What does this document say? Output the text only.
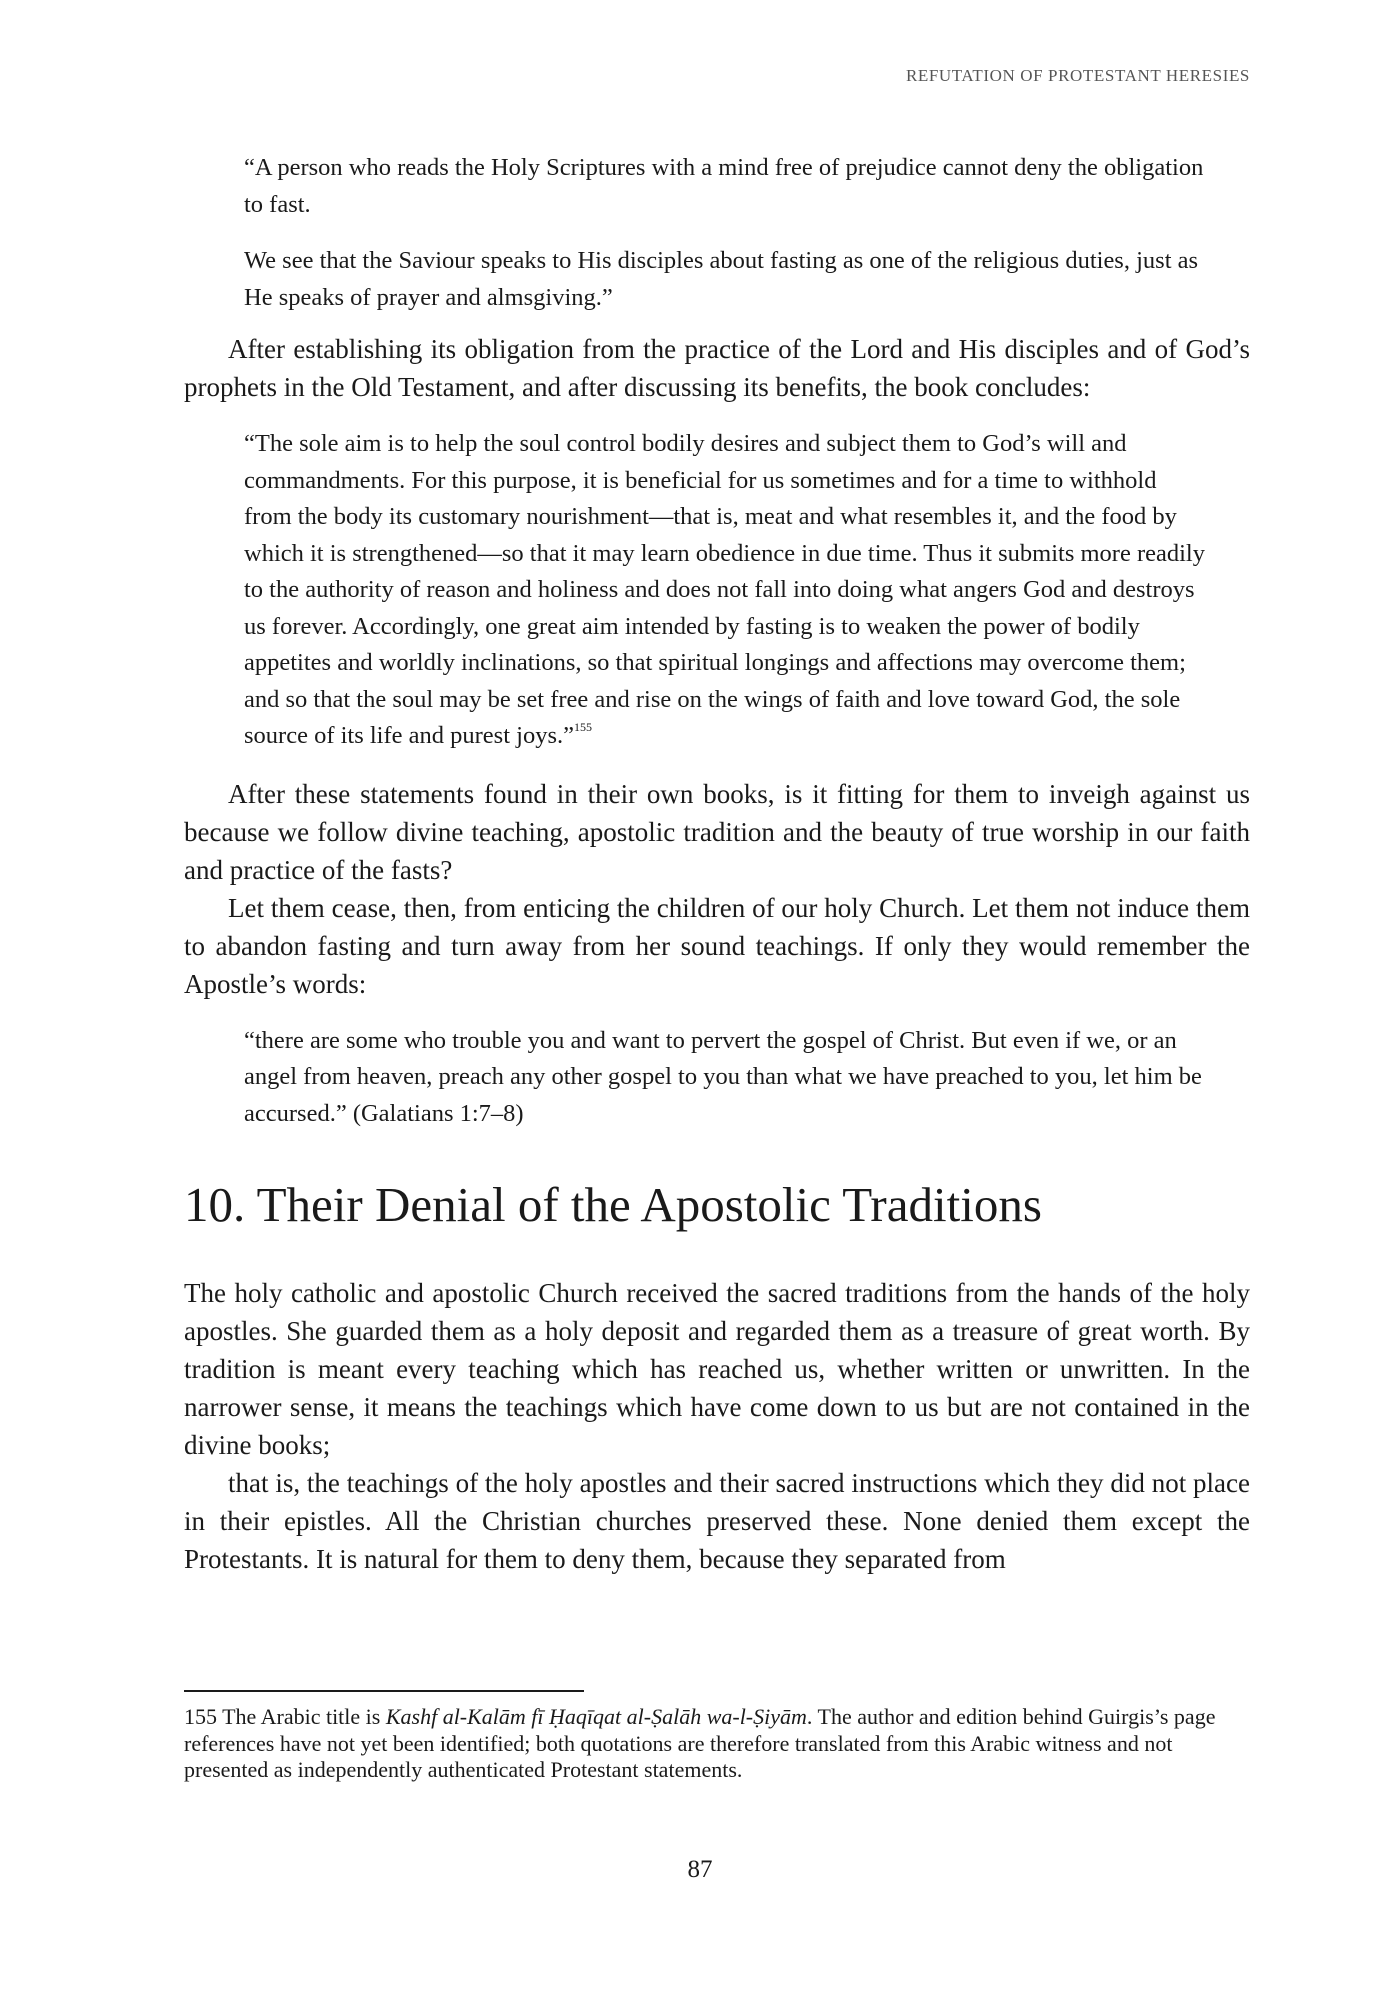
REFUTATION OF PROTESTANT HERESIES

“A person who reads the Holy Scriptures with a mind free of prejudice cannot deny the obligation to fast.

We see that the Saviour speaks to His disciples about fasting as one of the religious duties, just as He speaks of prayer and almsgiving.”

After establishing its obligation from the practice of the Lord and His disciples and of God’s prophets in the Old Testament, and after discussing its benefits, the book concludes:

“The sole aim is to help the soul control bodily desires and subject them to God’s will and commandments. For this purpose, it is beneficial for us sometimes and for a time to withhold from the body its customary nourishment—that is, meat and what resembles it, and the food by which it is strengthened—so that it may learn obedience in due time. Thus it submits more readily to the authority of reason and holiness and does not fall into doing what angers God and destroys us forever. Accordingly, one great aim intended by fasting is to weaken the power of bodily appetites and worldly inclinations, so that spiritual longings and affections may overcome them; and so that the soul may be set free and rise on the wings of faith and love toward God, the sole source of its life and purest joys.”$^{155}$

After these statements found in their own books, is it fitting for them to inveigh against us because we follow divine teaching, apostolic tradition and the beauty of true worship in our faith and practice of the fasts?

Let them cease, then, from enticing the children of our holy Church. Let them not induce them to abandon fasting and turn away from her sound teachings. If only they would remember the Apostle’s words:

“there are some who trouble you and want to pervert the gospel of Christ. But even if we, or an angel from heaven, preach any other gospel to you than what we have preached to you, let him be accursed.” (Galatians 1:7–8)

10. Their Denial of the Apostolic Traditions

The holy catholic and apostolic Church received the sacred traditions from the hands of the holy apostles. She guarded them as a holy deposit and regarded them as a treasure of great worth. By tradition is meant every teaching which has reached us, whether written or unwritten. In the narrower sense, it means the teachings which have come down to us but are not contained in the divine books;

that is, the teachings of the holy apostles and their sacred instructions which they did not place in their epistles. All the Christian churches preserved these. None denied them except the Protestants. It is natural for them to deny them, because they separated from

155 The Arabic title is Kashf al-Kalām fī Ḥaqīqat al-Ṣalāh wa-l-Ṣiyām. The author and edition behind Guirgis’s page references have not yet been identified; both quotations are therefore translated from this Arabic witness and not presented as independently authenticated Protestant statements.
87
